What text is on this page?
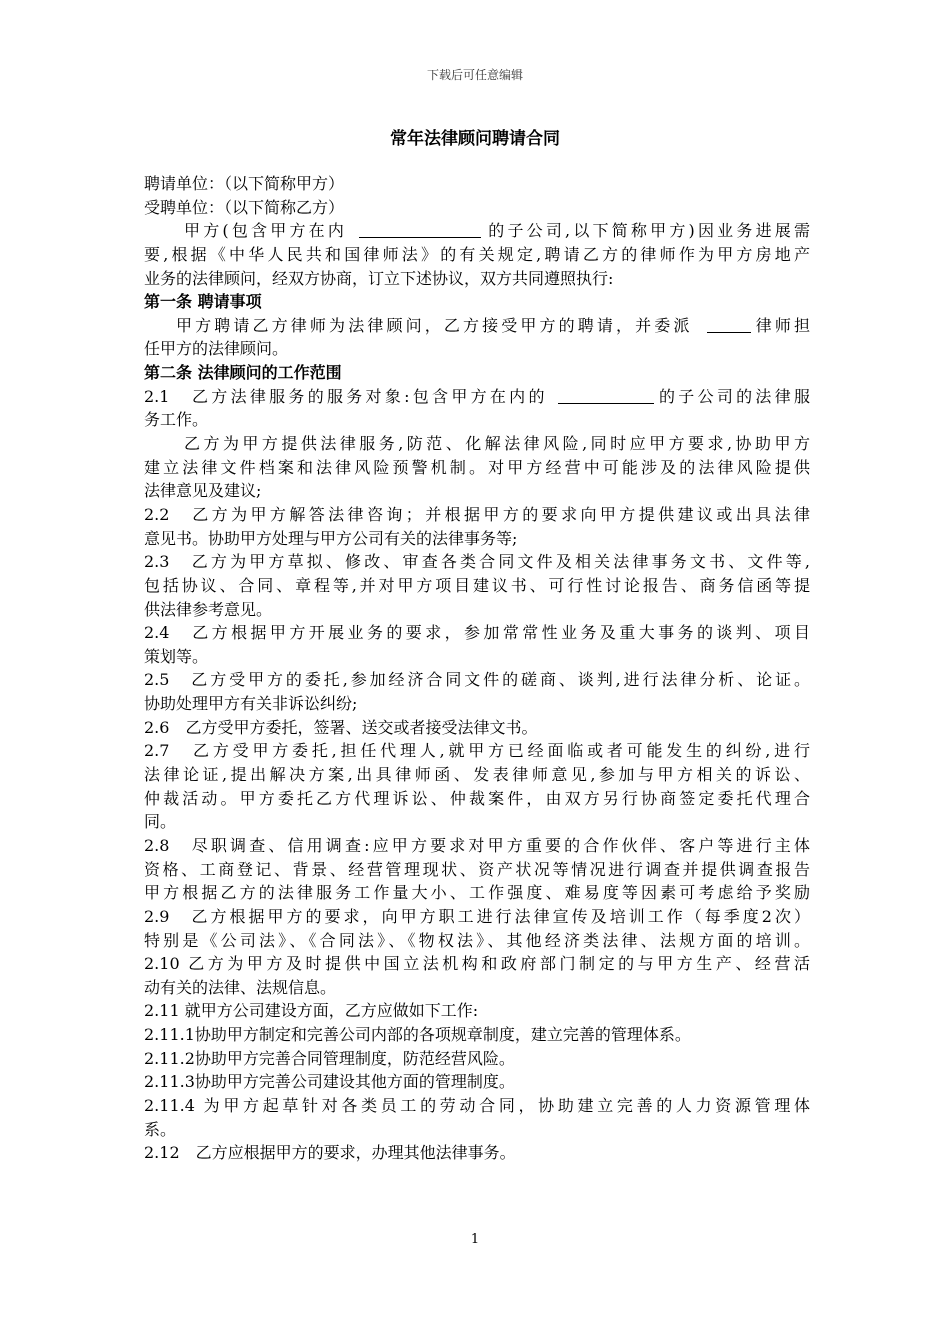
下载后可任意编辑
常年法律顾问聘请合同
聘请单位：（以下简称甲方）
受聘单位：（以下简称乙方）
甲方(包含甲方在内	的子公司,以下简称甲方)因业务进展需
要,根据《中华人民共和国律师法》的有关规定,聘请乙方的律师作为甲方房地产
业务的法律顾问，经双方协商，订立下述协议，双方共同遵照执行:
第一条 聘请事项
甲方聘请乙方律师为法律顾问，乙方接受甲方的聘请，并委派	律师担
任甲方的法律顾问。
第二条 法律顾问的工作范围
2.1　乙方法律服务的服务对象:包含甲方在内的	的子公司的法律服
务工作。
乙方为甲方提供法律服务,防范、化解法律风险,同时应甲方要求,协助甲方
建立法律文件档案和法律风险预警机制。对甲方经营中可能涉及的法律风险提供
法律意见及建议;
2.2　乙方为甲方解答法律咨询；并根据甲方的要求向甲方提供建议或出具法律
意见书。协助甲方处理与甲方公司有关的法律事务等;
2.3　乙方为甲方草拟、修改、审查各类合同文件及相关法律事务文书、文件等,
包括协议、合同、章程等,并对甲方项目建议书、可行性讨论报告、商务信函等提
供法律参考意见。
2.4　乙方根据甲方开展业务的要求，参加常常性业务及重大事务的谈判、项目
策划等。
2.5　乙方受甲方的委托,参加经济合同文件的磋商、谈判,进行法律分析、论证。
协助处理甲方有关非诉讼纠纷;
2.6　乙方受甲方委托，签署、送交或者接受法律文书。
2.7　乙方受甲方委托,担任代理人,就甲方已经面临或者可能发生的纠纷,进行
法律论证,提出解决方案,出具律师函、发表律师意见,参加与甲方相关的诉讼、
仲裁活动。甲方委托乙方代理诉讼、仲裁案件，由双方另行协商签定委托代理合
同。
2.8　尽职调查、信用调查:应甲方要求对甲方重要的合作伙伴、客户等进行主体
资格、工商登记、背景、经营管理现状、资产状况等情况进行调查并提供调查报告
甲方根据乙方的法律服务工作量大小、工作强度、难易度等因素可考虑给予奖励
2.9　乙方根据甲方的要求，向甲方职工进行法律宣传及培训工作（每季度2次）
特别是《公司法》、《合同法》、《物权法》、其他经济类法律、法规方面的培训。
2.10 乙方为甲方及时提供中国立法机构和政府部门制定的与甲方生产、经营活
动有关的法律、法规信息。
2.11 就甲方公司建设方面，乙方应做如下工作:
2.11.1协助甲方制定和完善公司内部的各项规章制度，建立完善的管理体系。
2.11.2协助甲方完善合同管理制度，防范经营风险。
2.11.3协助甲方完善公司建设其他方面的管理制度。
2.11.4 为甲方起草针对各类员工的劳动合同，协助建立完善的人力资源管理体
系。
2.12　乙方应根据甲方的要求，办理其他法律事务。
1
